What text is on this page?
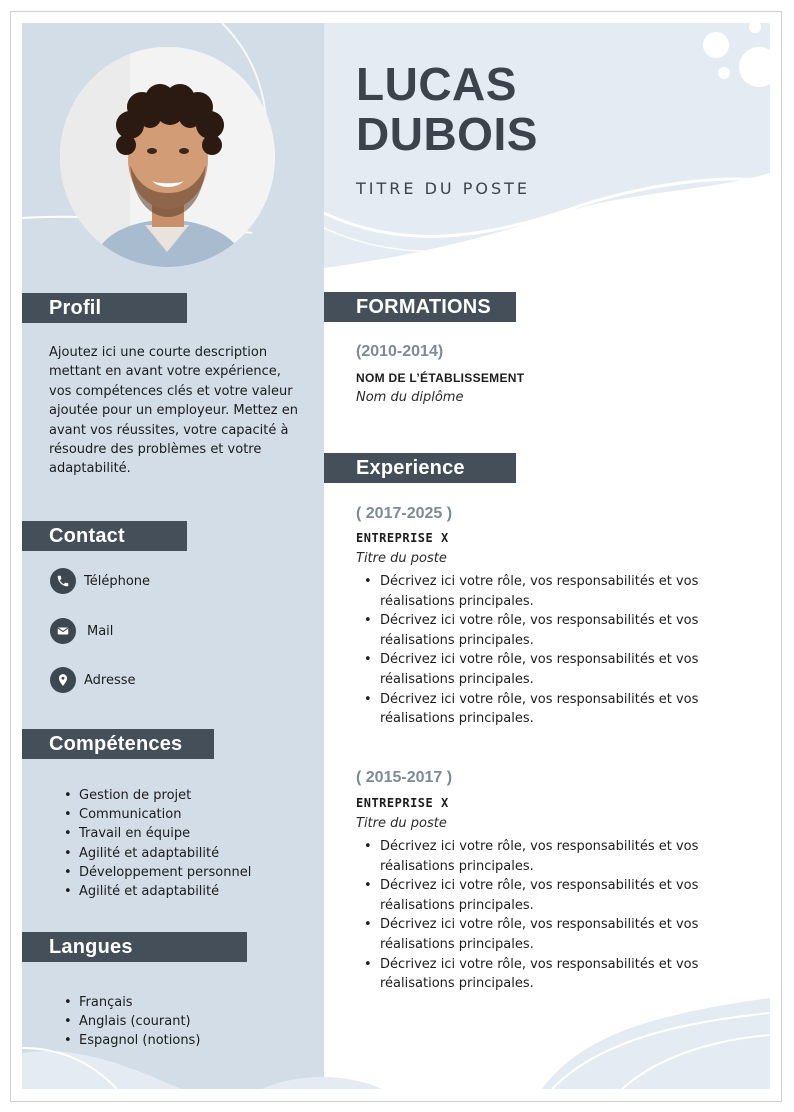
Profil

Ajoutez ici une courte description mettant en avant votre expérience, vos compétences clés et votre valeur ajoutée pour un employeur. Mettez en avant vos réussites, votre capacité à résoudre des problèmes et votre adaptabilité.

Contact
Téléphone
Mail
Adresse
Compétences
• Gestion de projet
• Communication
• Travail en équipe
• Agilité et adaptabilité
• Développement personnel
• Agilité et adaptabilité
Langues
• Français
• Anglais (courant)
• Espagnol (notions)
LUCAS
DUBOIS
TITRE DU POSTE
FORMATIONS
(2010-2014)
NOM DE L’ÉTABLISSEMENT
Nom du diplôme
Experience
( 2017-2025 )
ENTREPRISE X
Titre du poste
• Décrivez ici votre rôle, vos responsabilités et vos réalisations principales.
• Décrivez ici votre rôle, vos responsabilités et vos réalisations principales.
• Décrivez ici votre rôle, vos responsabilités et vos réalisations principales.
• Décrivez ici votre rôle, vos responsabilités et vos réalisations principales.
( 2015-2017 )
ENTREPRISE X
Titre du poste
• Décrivez ici votre rôle, vos responsabilités et vos réalisations principales.
• Décrivez ici votre rôle, vos responsabilités et vos réalisations principales.
• Décrivez ici votre rôle, vos responsabilités et vos réalisations principales.
• Décrivez ici votre rôle, vos responsabilités et vos réalisations principales.
